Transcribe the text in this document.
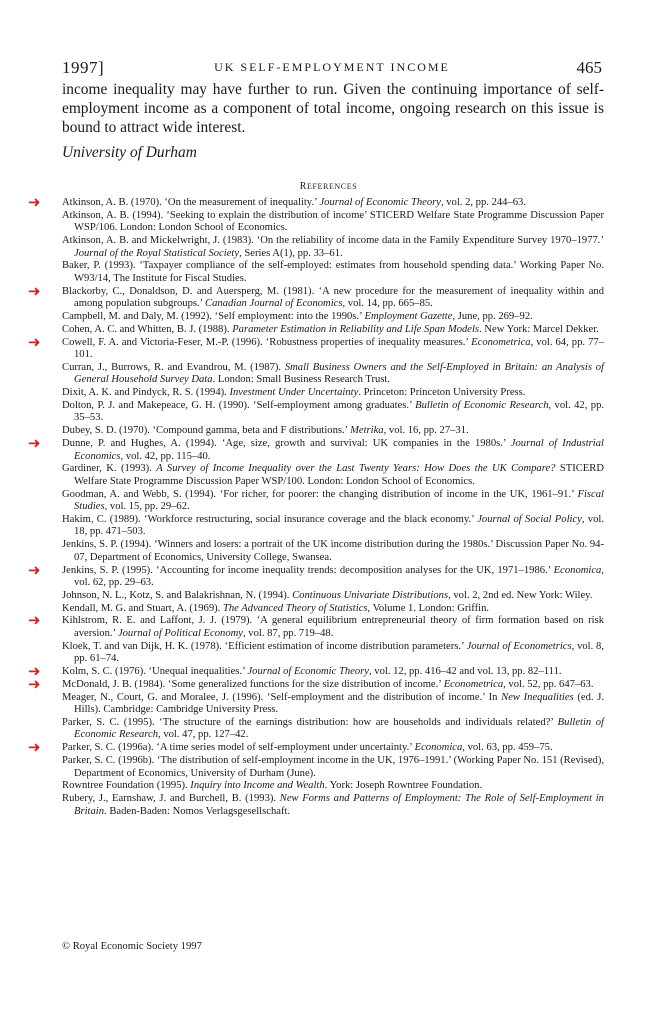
1997]	UK SELF-EMPLOYMENT INCOME	465

income inequality may have further to run. Given the continuing importance of self-employment income as a component of total income, ongoing research on this issue is bound to attract wide interest.

University of Durham

REFERENCES
➜ Atkinson, A. B. (1970). ‘On the measurement of inequality.’ Journal of Economic Theory, vol. 2, pp. 244–63.
Atkinson, A. B. (1994). ‘Seeking to explain the distribution of income’ STICERD Welfare State Programme Discussion Paper WSP/106. London: London School of Economics.
Atkinson, A. B. and Mickelwright, J. (1983). ‘On the reliability of income data in the Family Expenditure Survey 1970–1977.’ Journal of the Royal Statistical Society, Series A(1), pp. 33–61.
Baker, P. (1993). ‘Taxpayer compliance of the self-employed: estimates from household spending data.’ Working Paper No. W93/14, The Institute for Fiscal Studies.
➜ Blackorby, C., Donaldson, D. and Auersperg, M. (1981). ‘A new procedure for the measurement of inequality within and among population subgroups.’ Canadian Journal of Economics, vol. 14, pp. 665–85.
Campbell, M. and Daly, M. (1992). ‘Self employment: into the 1990s.’ Employment Gazette, June, pp. 269–92.
Cohen, A. C. and Whitten, B. J. (1988). Parameter Estimation in Reliability and Life Span Models. New York: Marcel Dekker.
➜ Cowell, F. A. and Victoria-Feser, M.-P. (1996). ‘Robustness properties of inequality measures.’ Econometrica, vol. 64, pp. 77–101.
Curran, J., Burrows, R. and Evandrou, M. (1987). Small Business Owners and the Self-Employed in Britain: an Analysis of General Household Survey Data. London: Small Business Research Trust.
Dixit, A. K. and Pindyck, R. S. (1994). Investment Under Uncertainty. Princeton: Princeton University Press.
Dolton, P. J. and Makepeace, G. H. (1990). ‘Self-employment among graduates.’ Bulletin of Economic Research, vol. 42, pp. 35–53.
Dubey, S. D. (1970). ‘Compound gamma, beta and F distributions.’ Metrika, vol. 16, pp. 27–31.
➜ Dunne, P. and Hughes, A. (1994). ‘Age, size, growth and survival: UK companies in the 1980s.’ Journal of Industrial Economics, vol. 42, pp. 115–40.
Gardiner, K. (1993). A Survey of Income Inequality over the Last Twenty Years: How Does the UK Compare? STICERD Welfare State Programme Discussion Paper WSP/100. London: London School of Economics.
Goodman, A. and Webb, S. (1994). ‘For richer, for poorer: the changing distribution of income in the UK, 1961–91.’ Fiscal Studies, vol. 15, pp. 29–62.
Hakim, C. (1989). ‘Workforce restructuring, social insurance coverage and the black economy.’ Journal of Social Policy, vol. 18, pp. 471–503.
Jenkins, S. P. (1994). ‘Winners and losers: a portrait of the UK income distribution during the 1980s.’ Discussion Paper No. 94-07, Department of Economics, University College, Swansea.
➜ Jenkins, S. P. (1995). ‘Accounting for income inequality trends: decomposition analyses for the UK, 1971–1986.’ Economica, vol. 62, pp. 29–63.
Johnson, N. L., Kotz, S. and Balakrishnan, N. (1994). Continuous Univariate Distributions, vol. 2, 2nd ed. New York: Wiley.
Kendall, M. G. and Stuart, A. (1969). The Advanced Theory of Statistics, Volume 1. London: Griffin.
➜ Kihlstrom, R. E. and Laffont, J. J. (1979). ‘A general equilibrium entrepreneurial theory of firm formation based on risk aversion.’ Journal of Political Economy, vol. 87, pp. 719–48.
Kloek, T. and van Dijk, H. K. (1978). ‘Efficient estimation of income distribution parameters.’ Journal of Econometrics, vol. 8, pp. 61–74.
➜ Kolm, S. C. (1976). ‘Unequal inequalities.’ Journal of Economic Theory, vol. 12, pp. 416–42 and vol. 13, pp. 82–111.
➜ McDonald, J. B. (1984). ‘Some generalized functions for the size distribution of income.’ Econometrica, vol. 52, pp. 647–63.
Meager, N., Court, G. and Moralee, J. (1996). ‘Self-employment and the distribution of income.’ In New Inequalities (ed. J. Hills). Cambridge: Cambridge University Press.
Parker, S. C. (1995). ‘The structure of the earnings distribution: how are households and individuals related?’ Bulletin of Economic Research, vol. 47, pp. 127–42.
➜ Parker, S. C. (1996a). ‘A time series model of self-employment under uncertainty.’ Economica, vol. 63, pp. 459–75.
Parker, S. C. (1996b). ‘The distribution of self-employment income in the UK, 1976–1991.’ (Working Paper No. 151 (Revised), Department of Economics, University of Durham (June).
Rowntree Foundation (1995). Inquiry into Income and Wealth. York: Joseph Rowntree Foundation.
Rubery, J., Earnshaw, J. and Burchell, B. (1993). New Forms and Patterns of Employment: The Role of Self-Employment in Britain. Baden-Baden: Nomos Verlagsgesellschaft.

© Royal Economic Society 1997
